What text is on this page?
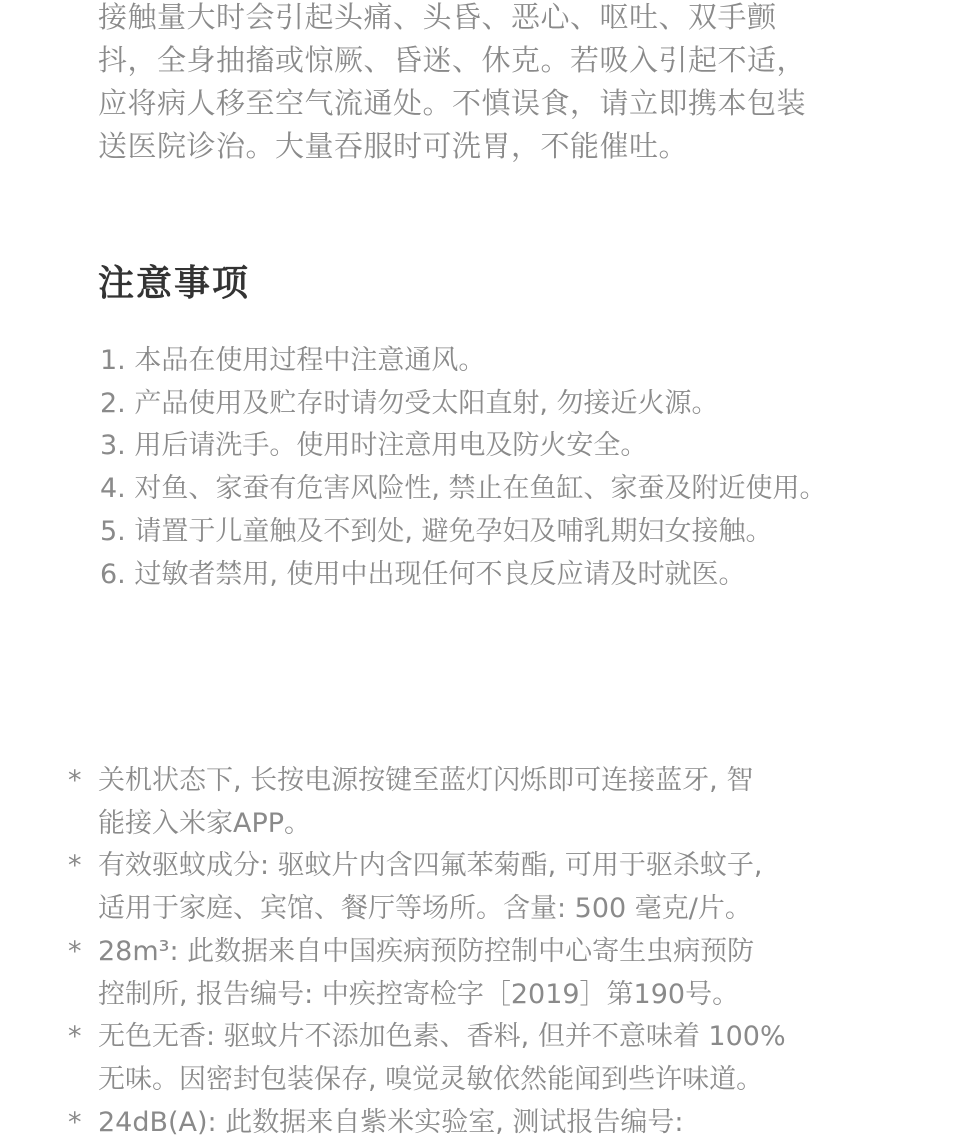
接触量大时会引起头痛、头昏、恶心、呕吐、双手颤
抖，全身抽搐或惊厥、昏迷、休克。若吸入引起不适，
应将病人移至空气流通处。不慎误食，请立即携本包装
送医院诊治。大量吞服时可洗胃，不能催吐。
注意事项
1. 本品在使用过程中注意通风。
2. 产品使用及贮存时请勿受太阳直射, 勿接近火源。
3. 用后请洗手。使用时注意用电及防火安全。
4. 对鱼、家蚕有危害风险性, 禁止在鱼缸、家蚕及附近使用。
5. 请置于儿童触及不到处, 避免孕妇及哺乳期妇女接触。
6. 过敏者禁用, 使用中出现任何不良反应请及时就医。
* 关机状态下, 长按电源按键至蓝灯闪烁即可连接蓝牙, 智
能接入米家APP。
* 有效驱蚊成分: 驱蚊片内含四氟苯菊酯, 可用于驱杀蚊子,
适用于家庭、宾馆、餐厅等场所。含量: 500 毫克/片。
* 28m³: 此数据来自中国疾病预防控制中心寄生虫病预防
控制所, 报告编号: 中疾控寄检字［2019］第190号。
* 无色无香: 驱蚊片不添加色素、香料, 但并不意味着 100%
无味。因密封包装保存, 嗅觉灵敏依然能闻到些许味道。
* 24dB(A): 此数据来自紫米实验室, 测试报告编号:
